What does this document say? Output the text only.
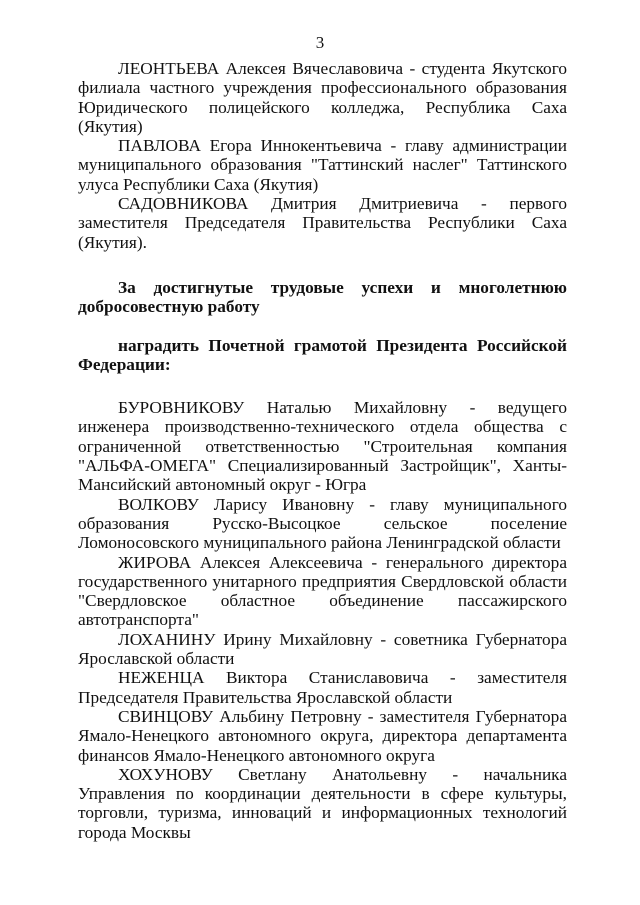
3

ЛЕОНТЬЕВА Алексея Вячеславовича - студента Якутского филиала частного учреждения профессионального образования Юридического полицейского колледжа, Республика Саха (Якутия)

ПАВЛОВА Егора Иннокентьевича - главу администрации муниципального образования "Таттинский наслег" Таттинского улуса Республики Саха (Якутия)

САДОВНИКОВА Дмитрия Дмитриевича - первого заместителя Председателя Правительства Республики Саха (Якутия).

За достигнутые трудовые успехи и многолетнюю добросовестную работу

наградить Почетной грамотой Президента Российской Федерации:

БУРОВНИКОВУ Наталью Михайловну - ведущего инженера производственно-технического отдела общества с ограниченной ответственностью "Строительная компания "АЛЬФА-ОМЕГА" Специализированный Застройщик", Ханты-Мансийский автономный округ - Югра

ВОЛКОВУ Ларису Ивановну - главу муниципального образования Русско-Высоцкое сельское поселение Ломоносовского муниципального района Ленинградской области

ЖИРОВА Алексея Алексеевича - генерального директора государственного унитарного предприятия Свердловской области "Свердловское областное объединение пассажирского автотранспорта"

ЛОХАНИНУ Ирину Михайловну - советника Губернатора Ярославской области

НЕЖЕНЦА Виктора Станиславовича - заместителя Председателя Правительства Ярославской области

СВИНЦОВУ Альбину Петровну - заместителя Губернатора Ямало-Ненецкого автономного округа, директора департамента финансов Ямало-Ненецкого автономного округа

ХОХУНОВУ Светлану Анатольевну - начальника Управления по координации деятельности в сфере культуры, торговли, туризма, инноваций и информационных технологий города Москвы
